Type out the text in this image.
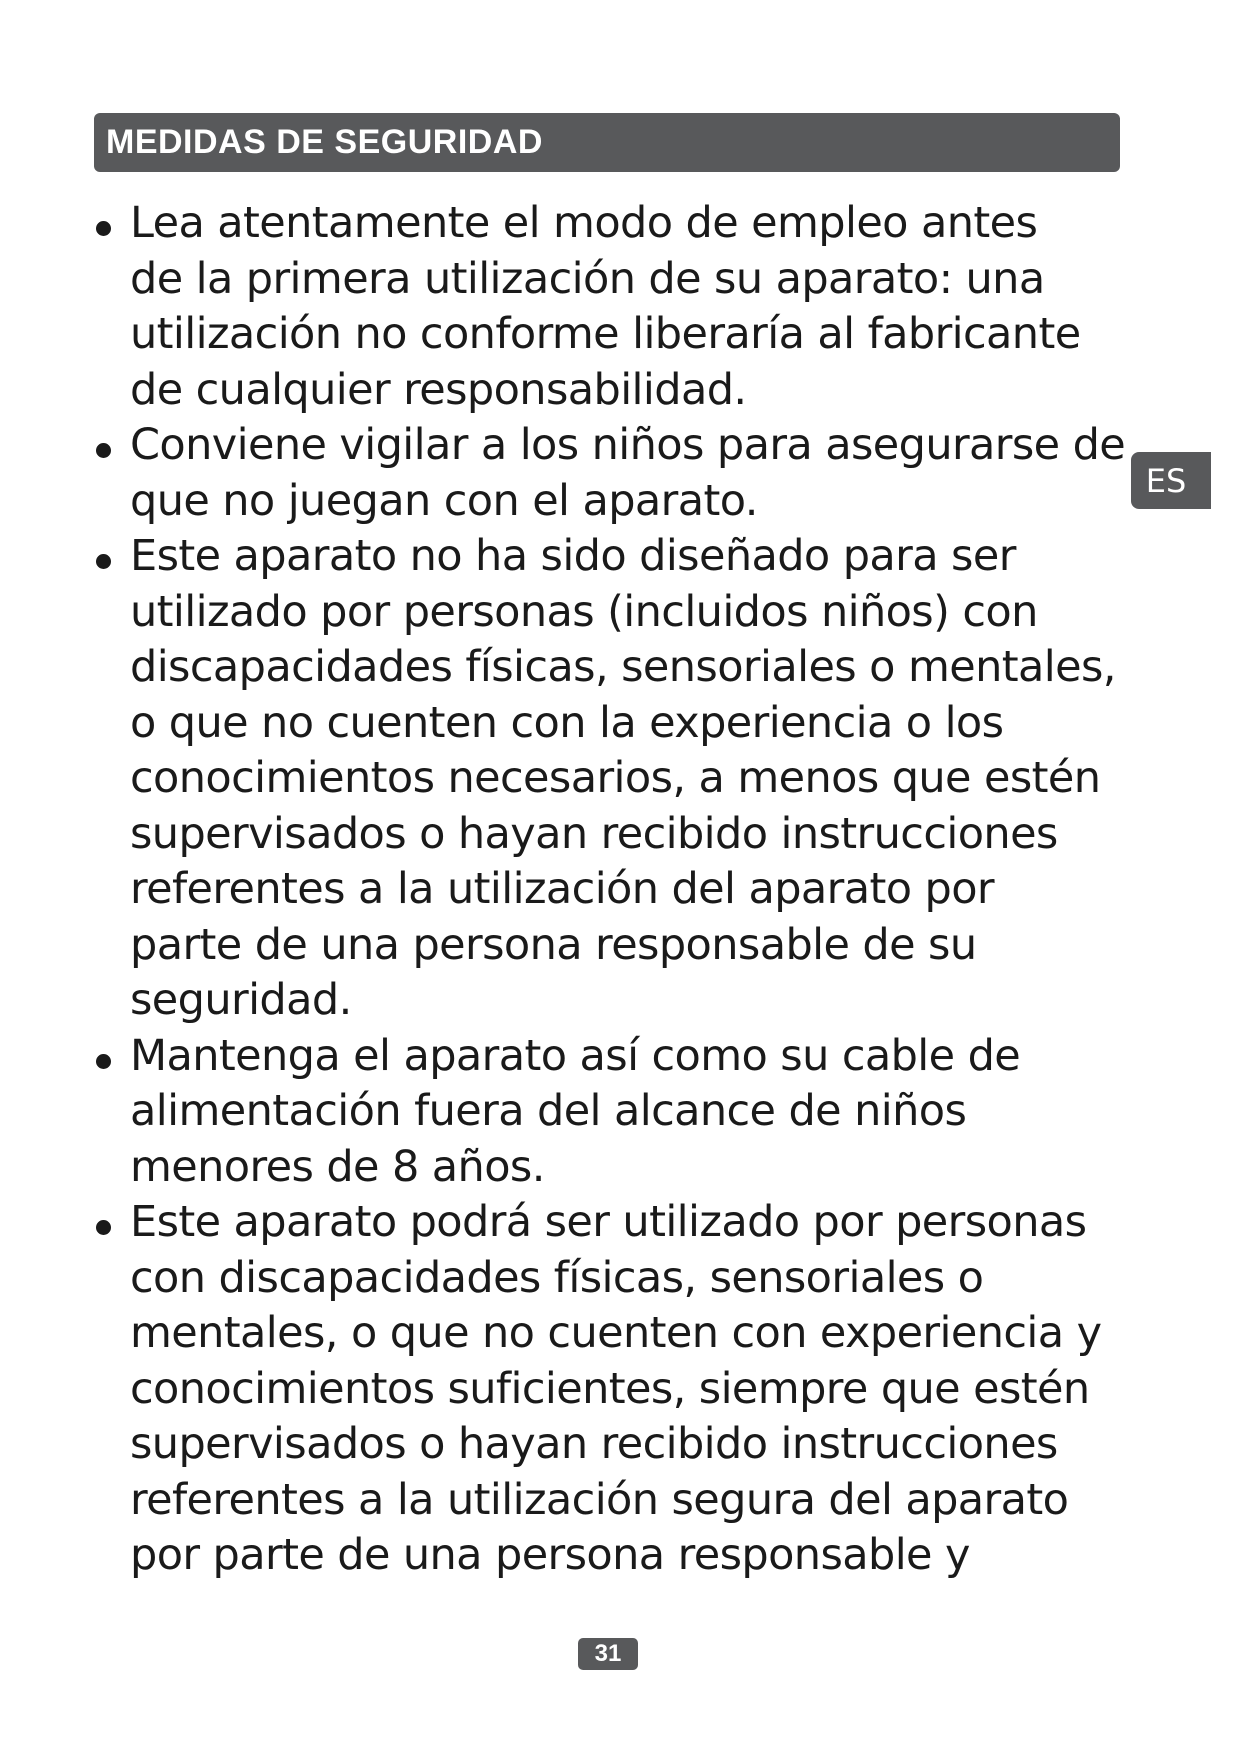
MEDIDAS DE SEGURIDAD
ES
Lea atentamente el modo de empleo antes
de la primera utilización de su aparato: una
utilización no conforme liberaría al fabricante
de cualquier responsabilidad.
Conviene vigilar a los niños para asegurarse de
que no juegan con el aparato.
Este aparato no ha sido diseñado para ser
utilizado por personas (incluidos niños) con
discapacidades físicas, sensoriales o mentales,
o que no cuenten con la experiencia o los
conocimientos necesarios, a menos que estén
supervisados o hayan recibido instrucciones
referentes a la utilización del aparato por
parte de una persona responsable de su
seguridad.
Mantenga el aparato así como su cable de
alimentación fuera del alcance de niños
menores de 8 años.
Este aparato podrá ser utilizado por personas
con discapacidades físicas, sensoriales o
mentales, o que no cuenten con experiencia y
conocimientos suficientes, siempre que estén
supervisados o hayan recibido instrucciones
referentes a la utilización segura del aparato
por parte de una persona responsable y
31
